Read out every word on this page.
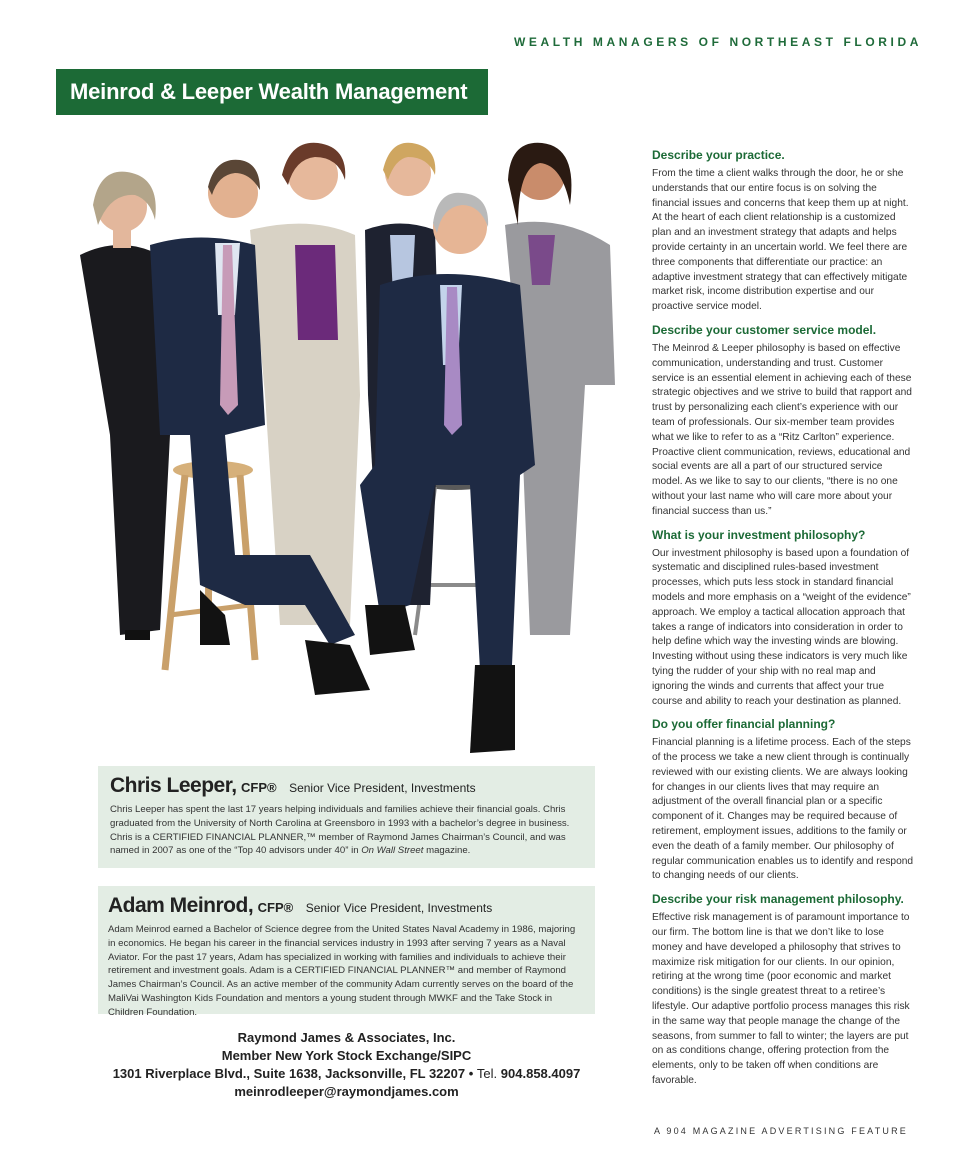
WEALTH MANAGERS OF NORTHEAST FLORIDA
Meinrod & Leeper Wealth Management
Describe your practice.
From the time a client walks through the door, he or she understands that our entire focus is on solving the financial issues and concerns that keep them up at night. At the heart of each client relationship is a customized plan and an investment strategy that adapts and helps provide certainty in an uncertain world. We feel there are three components that differentiate our practice: an adaptive investment strategy that can effectively mitigate market risk, income distribution expertise and our proactive service model.
Describe your customer service model.
The Meinrod & Leeper philosophy is based on effective communication, understanding and trust. Customer service is an essential element in achieving each of these strategic objectives and we strive to build that rapport and trust by personalizing each client’s experience with our team of professionals. Our six-member team provides what we like to refer to as a “Ritz Carlton” experience. Proactive client communication, reviews, educational and social events are all a part of our structured service model. As we like to say to our clients, “there is no one without your last name who will care more about your financial success than us.”
What is your investment philosophy?
Our investment philosophy is based upon a foundation of systematic and disciplined rules-based investment processes, which puts less stock in standard financial models and more emphasis on a “weight of the evidence” approach. We employ a tactical allocation approach that takes a range of indicators into consideration in order to help define which way the investing winds are blowing. Investing without using these indicators is very much like tying the rudder of your ship with no real map and ignoring the winds and currents that affect your true course and ability to reach your destination as planned.
Do you offer financial planning?
Financial planning is a lifetime process. Each of the steps of the process we take a new client through is continually reviewed with our existing clients. We are always looking for changes in our clients lives that may require an adjustment of the overall financial plan or a specific component of it. Changes may be required because of retirement, employment issues, additions to the family or even the death of a family member. Our philosophy of regular communication enables us to identify and respond to changing needs of our clients.
Describe your risk management philosophy.
Effective risk management is of paramount importance to our firm. The bottom line is that we don’t like to lose money and have developed a philosophy that strives to maximize risk mitigation for our clients. In our opinion, retiring at the wrong time (poor economic and market conditions) is the single greatest threat to a retiree’s lifestyle. Our adaptive portfolio process manages this risk in the same way that people manage the change of the seasons, from summer to fall to winter; the layers are put on as conditions change, offering protection from the elements, only to be taken off when conditions are favorable.
Chris Leeper, CFP® Senior Vice President, Investments
Chris Leeper has spent the last 17 years helping individuals and families achieve their financial goals. Chris graduated from the University of North Carolina at Greensboro in 1993 with a bachelor’s degree in business. Chris is a CERTIFIED FINANCIAL PLANNER,™ member of Raymond James Chairman’s Council, and was named in 2007 as one of the “Top 40 advisors under 40” in On Wall Street magazine.
Adam Meinrod, CFP® Senior Vice President, Investments
Adam Meinrod earned a Bachelor of Science degree from the United States Naval Academy in 1986, majoring in economics. He began his career in the financial services industry in 1993 after serving 7 years as a Naval Aviator. For the past 17 years, Adam has specialized in working with families and individuals to achieve their retirement and investment goals. Adam is a CERTIFIED FINANCIAL PLANNER™ and member of Raymond James Chairman’s Council. As an active member of the community Adam currently serves on the board of the MaliVai Washington Kids Foundation and mentors a young student through MWKF and the Take Stock in Children Foundation.
Raymond James & Associates, Inc.
Member New York Stock Exchange/SIPC
1301 Riverplace Blvd., Suite 1638, Jacksonville, FL 32207 • Tel. 904.858.4097
meinrodleeper@raymondjames.com
A 904 MAGAZINE ADVERTISING FEATURE
